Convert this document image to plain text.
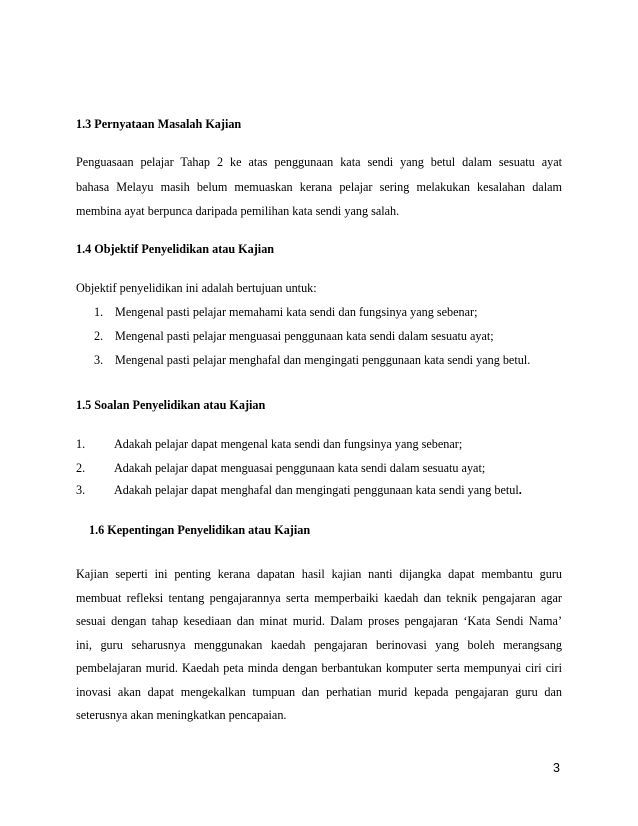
1.3 Pernyataan Masalah Kajian
Penguasaan pelajar Tahap 2 ke atas penggunaan kata sendi yang betul dalam sesuatu ayat
bahasa Melayu masih belum memuaskan kerana pelajar sering melakukan kesalahan dalam
membina ayat berpunca daripada pemilihan kata sendi yang salah.
1.4 Objektif Penyelidikan atau Kajian
Objektif penyelidikan ini adalah bertujuan untuk:
1. Mengenal pasti pelajar memahami kata sendi dan fungsinya yang sebenar;
2. Mengenal pasti pelajar menguasai penggunaan kata sendi dalam sesuatu ayat;
3. Mengenal pasti pelajar menghafal dan mengingati penggunaan kata sendi yang betul.
1.5 Soalan Penyelidikan atau Kajian
1. Adakah pelajar dapat mengenal kata sendi dan fungsinya yang sebenar;
2. Adakah pelajar dapat menguasai penggunaan kata sendi dalam sesuatu ayat;
3. Adakah pelajar dapat menghafal dan mengingati penggunaan kata sendi yang betul.
1.6 Kepentingan Penyelidikan atau Kajian
Kajian seperti ini penting kerana dapatan hasil kajian nanti dijangka dapat membantu guru
membuat refleksi tentang pengajarannya serta memperbaiki kaedah dan teknik pengajaran agar
sesuai dengan tahap kesediaan dan minat murid. Dalam proses pengajaran ‘Kata Sendi Nama’
ini, guru seharusnya menggunakan kaedah pengajaran berinovasi yang boleh merangsang
pembelajaran murid. Kaedah peta minda dengan berbantukan komputer serta mempunyai ciri ciri
inovasi akan dapat mengekalkan tumpuan dan perhatian murid kepada pengajaran guru dan
seterusnya akan meningkatkan pencapaian.
3
